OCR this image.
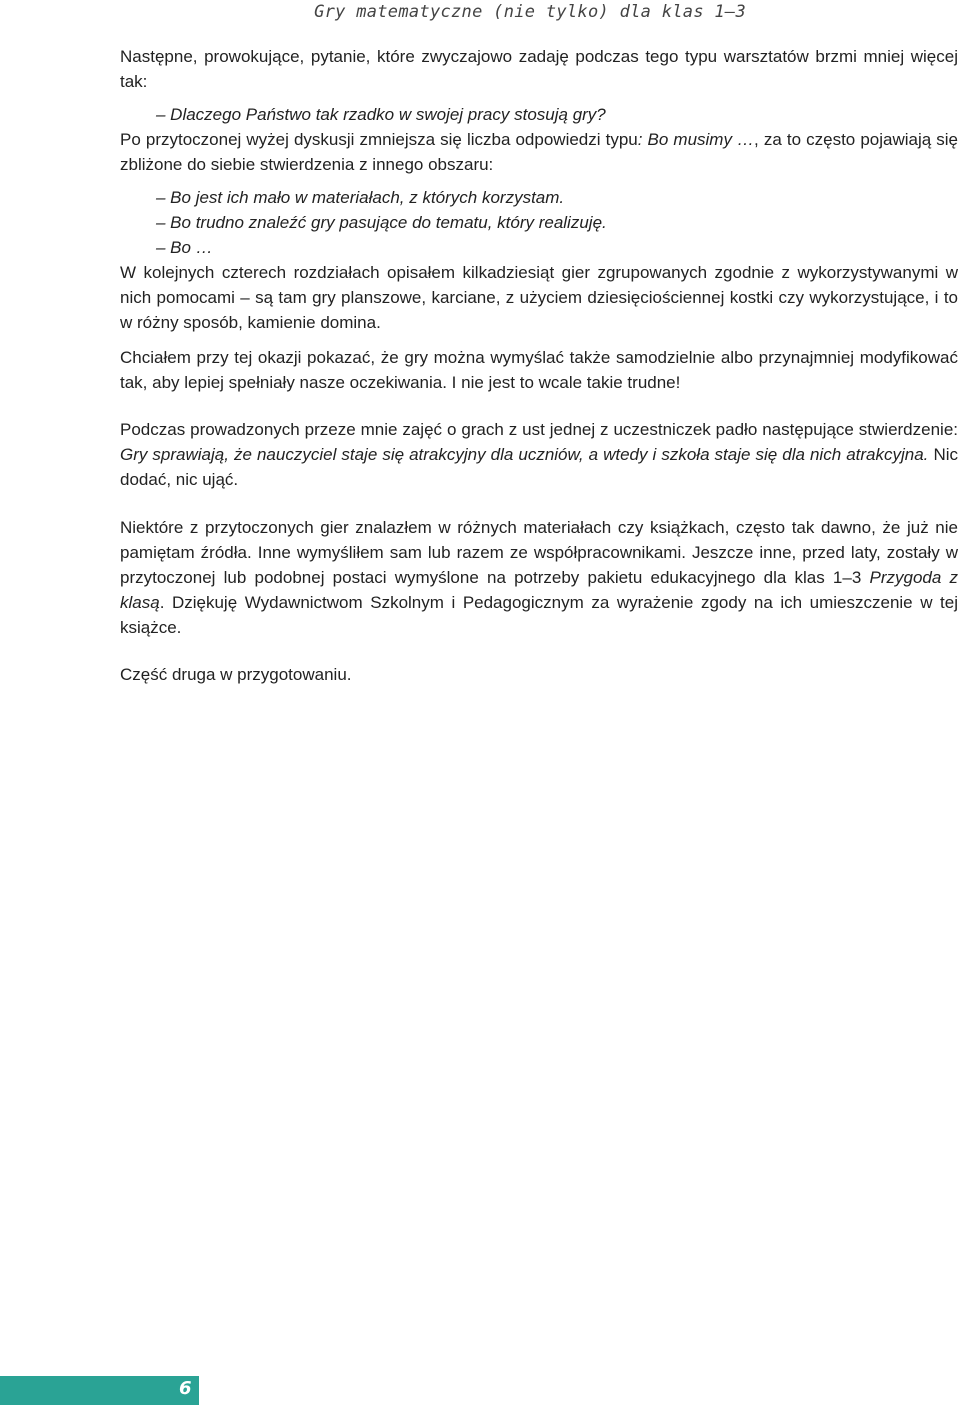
Gry matematyczne (nie tylko) dla klas 1–3

Następne, prowokujące, pytanie, które zwyczajowo zadaję podczas tego typu warsztatów brzmi mniej więcej tak:

– Dlaczego Państwo tak rzadko w swojej pracy stosują gry?

Po przytoczonej wyżej dyskusji zmniejsza się liczba odpowiedzi typu: Bo musimy …, za to często pojawiają się zbliżone do siebie stwierdzenia z innego obszaru:

– Bo jest ich mało w materiałach, z których korzystam.

– Bo trudno znaleźć gry pasujące do tematu, który realizuję.

– Bo …

W kolejnych czterech rozdziałach opisałem kilkadziesiąt gier zgrupowanych zgodnie z wykorzystywanymi w nich pomocami – są tam gry planszowe, karciane, z użyciem dziesięciościennej kostki czy wykorzystujące, i to w różny sposób, kamienie domina.

Chciałem przy tej okazji pokazać, że gry można wymyślać także samodzielnie albo przynajmniej modyfikować tak, aby lepiej spełniały nasze oczekiwania. I nie jest to wcale takie trudne!

Podczas prowadzonych przeze mnie zajęć o grach z ust jednej z uczestniczek padło następujące stwierdzenie: Gry sprawiają, że nauczyciel staje się atrakcyjny dla uczniów, a wtedy i szkoła staje się dla nich atrakcyjna. Nic dodać, nic ująć.

Niektóre z przytoczonych gier znalazłem w różnych materiałach czy książkach, często tak dawno, że już nie pamiętam źródła. Inne wymyśliłem sam lub razem ze współpracownikami. Jeszcze inne, przed laty, zostały w przytoczonej lub podobnej postaci wymyślone na potrzeby pakietu edukacyjnego dla klas 1–3 Przygoda z klasą. Dziękuję Wydawnictwom Szkolnym i Pedagogicznym za wyrażenie zgody na ich umieszczenie w tej książce.

Część druga w przygotowaniu.

6
